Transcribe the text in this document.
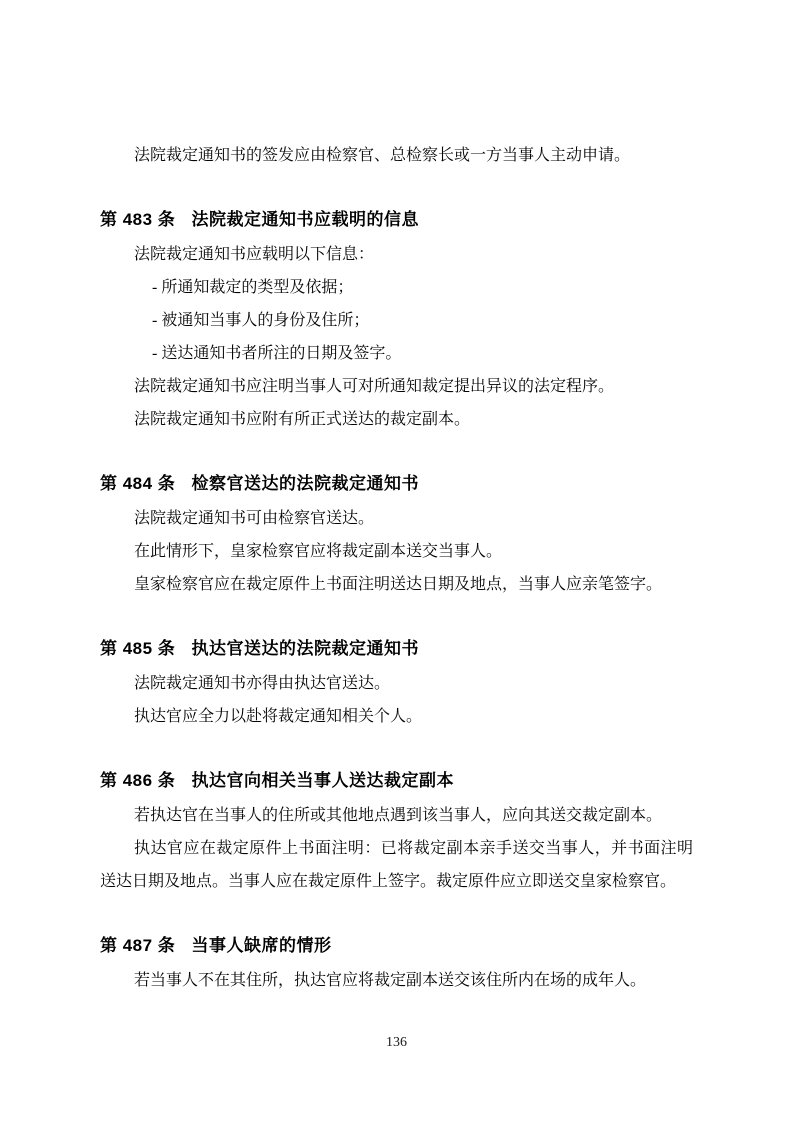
法院裁定通知书的签发应由检察官、总检察长或一方当事人主动申请。

第 483 条 法院裁定通知书应载明的信息

法院裁定通知书应载明以下信息：

- 所通知裁定的类型及依据；

- 被通知当事人的身份及住所；

- 送达通知书者所注的日期及签字。

法院裁定通知书应注明当事人可对所通知裁定提出异议的法定程序。

法院裁定通知书应附有所正式送达的裁定副本。

第 484 条 检察官送达的法院裁定通知书

法院裁定通知书可由检察官送达。

在此情形下，皇家检察官应将裁定副本送交当事人。

皇家检察官应在裁定原件上书面注明送达日期及地点，当事人应亲笔签字。

第 485 条 执达官送达的法院裁定通知书

法院裁定通知书亦得由执达官送达。

执达官应全力以赴将裁定通知相关个人。

第 486 条 执达官向相关当事人送达裁定副本

若执达官在当事人的住所或其他地点遇到该当事人，应向其送交裁定副本。

执达官应在裁定原件上书面注明：已将裁定副本亲手送交当事人，并书面注明送达日期及地点。当事人应在裁定原件上签字。裁定原件应立即送交皇家检察官。

第 487 条 当事人缺席的情形

若当事人不在其住所，执达官应将裁定副本送交该住所内在场的成年人。

136
